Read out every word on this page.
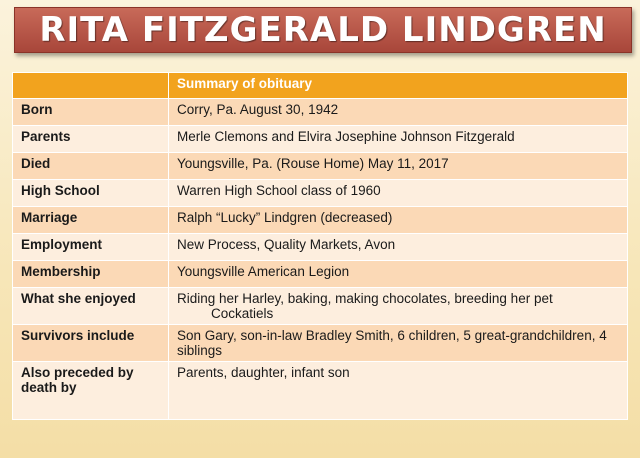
RITA FITZGERALD LINDGREN
	Summary of obituary
Born	Corry, Pa. August 30, 1942
Parents	Merle Clemons and Elvira Josephine Johnson Fitzgerald
Died	Youngsville, Pa. (Rouse Home) May 11, 2017
High School	Warren High School class of 1960
Marriage	Ralph “Lucky” Lindgren (decreased)
Employment	New Process, Quality Markets, Avon
Membership	Youngsville American Legion
What she enjoyed	Riding her Harley, baking, making chocolates, breeding her pet
Cockatiels

Survivors include	Son Gary, son-in-law Bradley Smith, 6 children, 5 great-grandchildren, 4 siblings
Also preceded by death by	Parents, daughter, infant son
